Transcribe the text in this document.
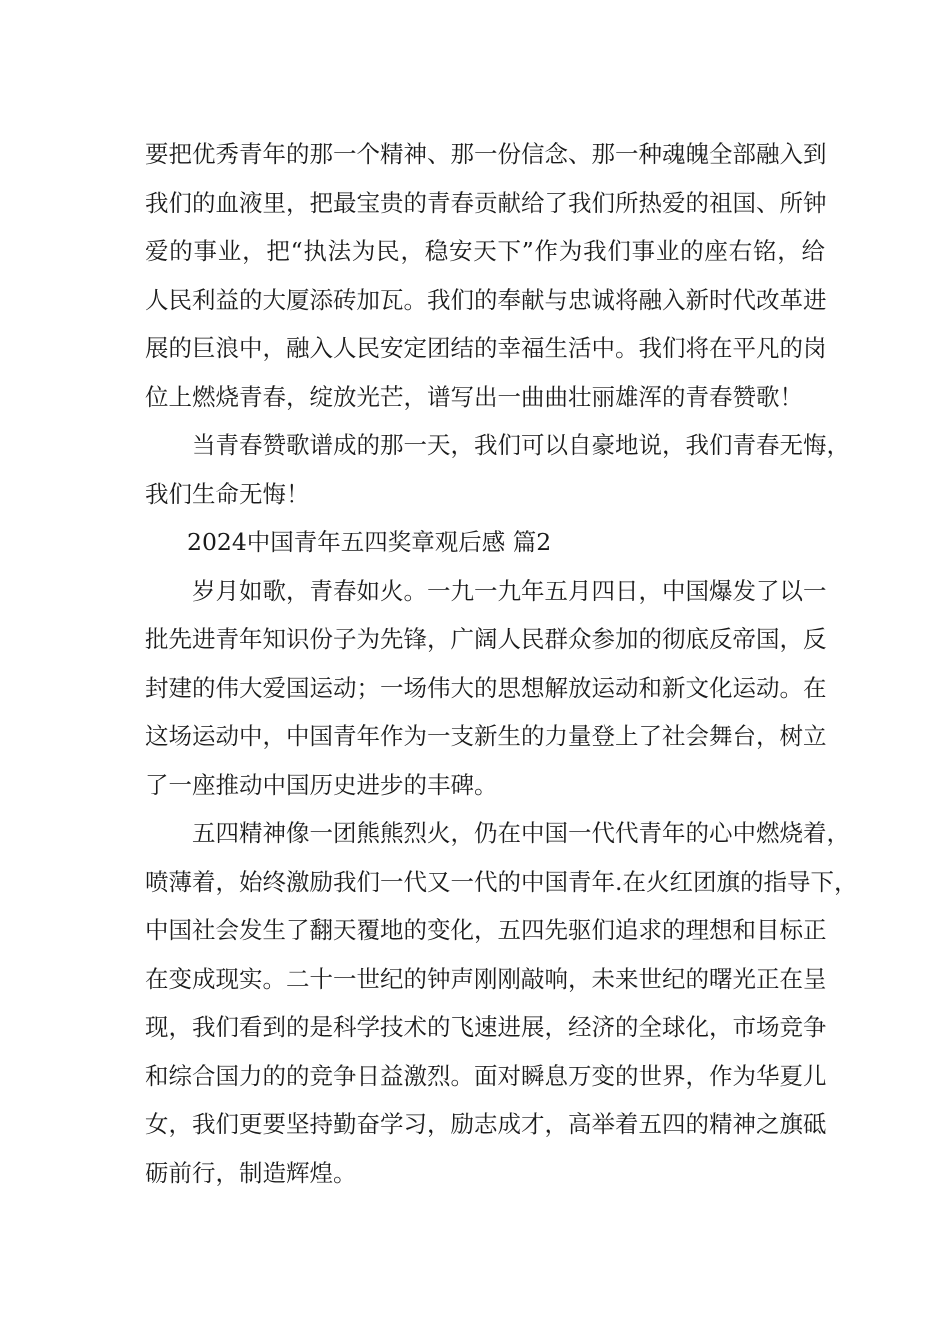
要把优秀青年的那一个精神、那一份信念、那一种魂魄全部融入到
我们的血液里，把最宝贵的青春贡献给了我们所热爱的祖国、所钟
爱的事业，把“执法为民，稳安天下”作为我们事业的座右铭，给
人民利益的大厦添砖加瓦。我们的奉献与忠诚将融入新时代改革进
展的巨浪中，融入人民安定团结的幸福生活中。我们将在平凡的岗
位上燃烧青春，绽放光芒，谱写出一曲曲壮丽雄浑的青春赞歌！
当青春赞歌谱成的那一天，我们可以自豪地说，我们青春无悔，
我们生命无悔！
2024中国青年五四奖章观后感 篇2
岁月如歌，青春如火。一九一九年五月四日，中国爆发了以一
批先进青年知识份子为先锋，广阔人民群众参加的彻底反帝国，反
封建的伟大爱国运动；一场伟大的思想解放运动和新文化运动。在
这场运动中，中国青年作为一支新生的力量登上了社会舞台，树立
了一座推动中国历史进步的丰碑。
五四精神像一团熊熊烈火，仍在中国一代代青年的心中燃烧着，
喷薄着，始终激励我们一代又一代的中国青年.在火红团旗的指导下，
中国社会发生了翻天覆地的变化，五四先驱们追求的理想和目标正
在变成现实。二十一世纪的钟声刚刚敲响，未来世纪的曙光正在呈
现，我们看到的是科学技术的飞速进展，经济的全球化，市场竞争
和综合国力的的竞争日益激烈。面对瞬息万变的世界，作为华夏儿
女，我们更要坚持勤奋学习，励志成才，高举着五四的精神之旗砥
砺前行，制造辉煌。
